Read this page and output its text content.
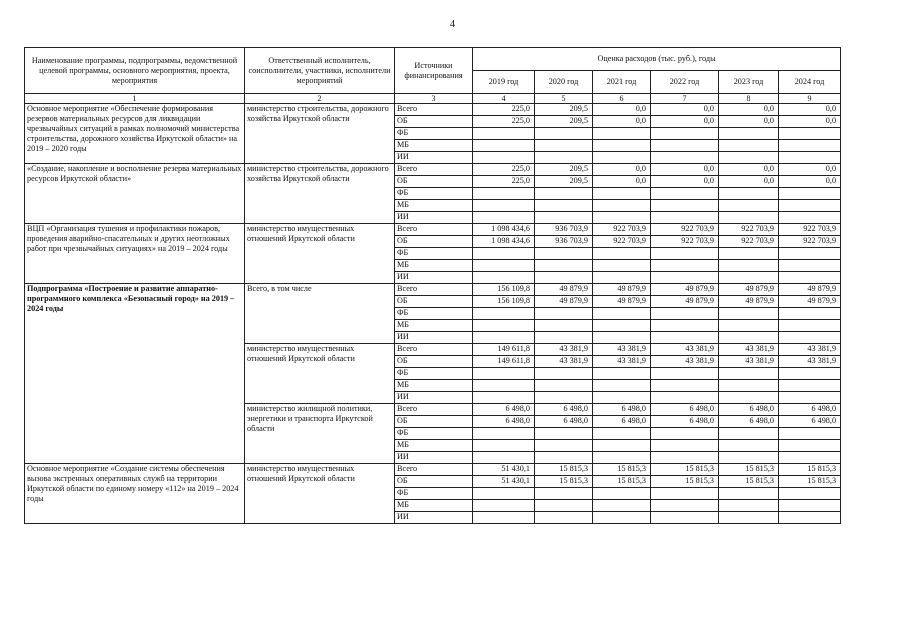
4
Наименование программы, подпрограммы, ведомственной целевой программы, основного мероприятия, проекта, мероприятия	Ответственный исполнитель, соисполнители, участники, исполнители мероприятий	Источники финансирования	Оценка расходов (тыс. руб.), годы					
			2019 год	2020 год	2021 год	2022 год	2023 год	2024 год
1	2	3	4	5	6	7	8	9
Основное мероприятие «Обеспечение формирования резервов материальных ресурсов для ликвидации чрезвычайных ситуаций в рамках полномочий министерства строительства, дорожного хозяйства Иркутской области» на 2019 – 2020 годы	министерство строительства, дорожного хозяйства Иркутской области	Всего	225,0	209,5	0,0	0,0	0,0	0,0
		ОБ	225,0	209,5	0,0	0,0	0,0	0,0
		ФБ						
		МБ						
		ИИ						
«Создание, накопление и восполнение резерва материальных ресурсов Иркутской области»	министерство строительства, дорожного хозяйства Иркутской области	Всего	225,0	209,5	0,0	0,0	0,0	0,0
		ОБ	225,0	209,5	0,0	0,0	0,0	0,0
		ФБ						
		МБ						
		ИИ						
ВЦП «Организация тушения и профилактики пожаров, проведения аварийно-спасательных и других неотложных работ при чрезвычайных ситуациях» на 2019 – 2024 годы	министерство имущественных отношений Иркутской области	Всего	1 098 434,6	936 703,9	922 703,9	922 703,9	922 703,9	922 703,9
		ОБ	1 098 434,6	936 703,9	922 703,9	922 703,9	922 703,9	922 703,9
		ФБ						
		МБ						
		ИИ						
Подпрограмма «Построение и развитие аппаратно-программного комплекса «Безопасный город» на 2019 – 2024 годы	Всего, в том числе	Всего	156 109,8	49 879,9	49 879,9	49 879,9	49 879,9	49 879,9
		ОБ	156 109,8	49 879,9	49 879,9	49 879,9	49 879,9	49 879,9
		ФБ						
		МБ						
		ИИ						
	министерство имущественных отношений Иркутской области	Всего	149 611,8	43 381,9	43 381,9	43 381,9	43 381,9	43 381,9
		ОБ	149 611,8	43 381,9	43 381,9	43 381,9	43 381,9	43 381,9
		ФБ						
		МБ						
		ИИ						
	министерство жилищной политики, энергетики и транспорта Иркутской области	Всего	6 498,0	6 498,0	6 498,0	6 498,0	6 498,0	6 498,0
		ОБ	6 498,0	6 498,0	6 498,0	6 498,0	6 498,0	6 498,0
		ФБ						
		МБ						
		ИИ						
Основное мероприятие «Создание системы обеспечения вызова экстренных оперативных служб на территории Иркутской области по единому номеру «112» на 2019 – 2024 годы	министерство имущественных отношений Иркутской области	Всего	51 430,1	15 815,3	15 815,3	15 815,3	15 815,3	15 815,3
		ОБ	51 430,1	15 815,3	15 815,3	15 815,3	15 815,3	15 815,3
		ФБ						
		МБ						
		ИИ						
